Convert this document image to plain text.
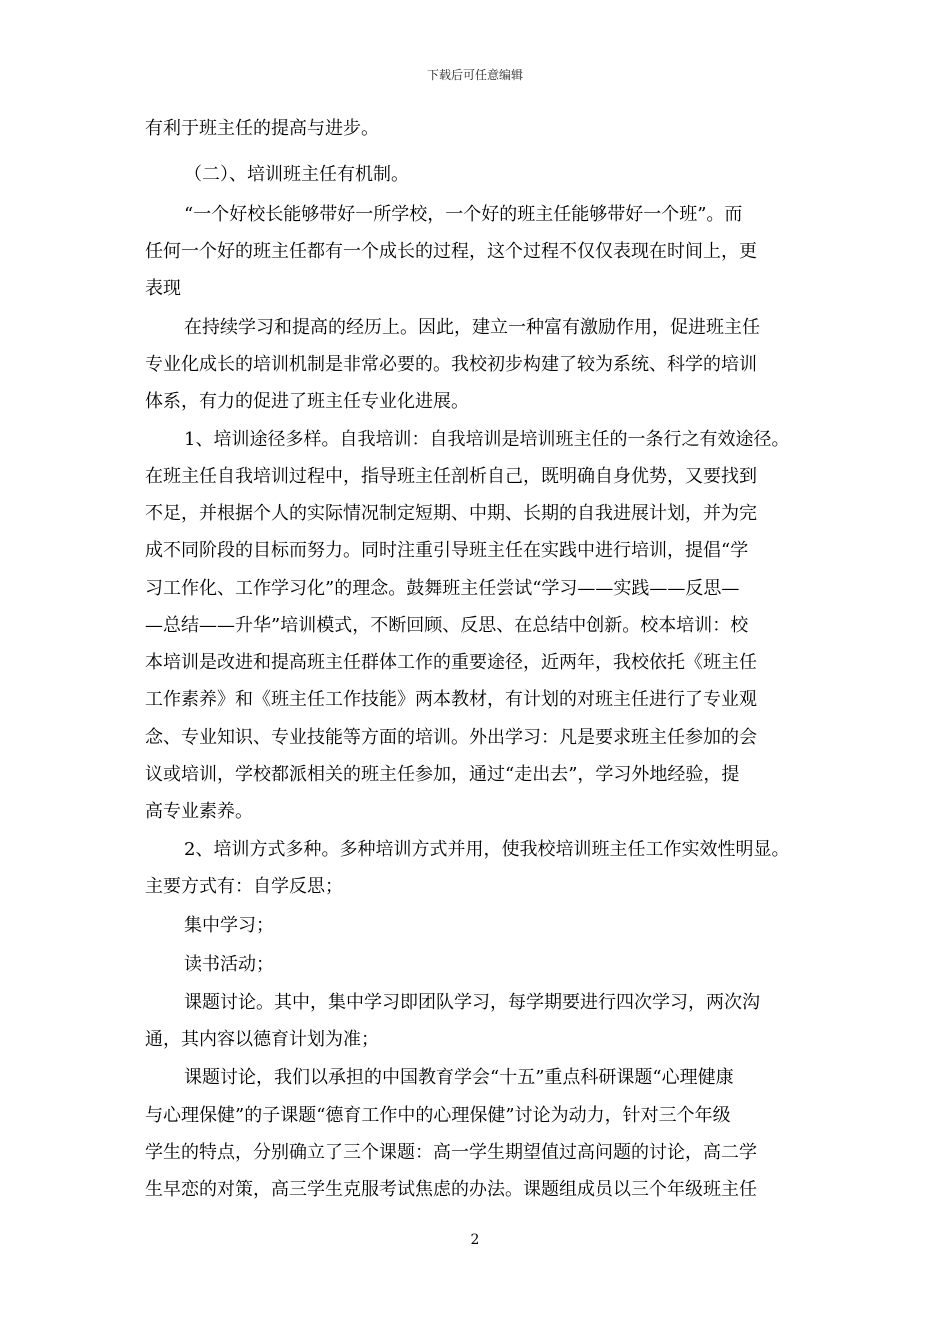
下载后可任意编辑
有利于班主任的提高与进步。
（二）、培训班主任有机制。
“一个好校长能够带好一所学校，一个好的班主任能够带好一个班”。而
任何一个好的班主任都有一个成长的过程，这个过程不仅仅表现在时间上，更
表现
在持续学习和提高的经历上。因此，建立一种富有激励作用，促进班主任
专业化成长的培训机制是非常必要的。我校初步构建了较为系统、科学的培训
体系，有力的促进了班主任专业化进展。
1、培训途径多样。自我培训：自我培训是培训班主任的一条行之有效途径。
在班主任自我培训过程中，指导班主任剖析自己，既明确自身优势，又要找到
不足，并根据个人的实际情况制定短期、中期、长期的自我进展计划，并为完
成不同阶段的目标而努力。同时注重引导班主任在实践中进行培训，提倡“学
习工作化、工作学习化”的理念。鼓舞班主任尝试“学习——实践——反思—
—总结——升华”培训模式，不断回顾、反思、在总结中创新。校本培训：校
本培训是改进和提高班主任群体工作的重要途径，近两年，我校依托《班主任
工作素养》和《班主任工作技能》两本教材，有计划的对班主任进行了专业观
念、专业知识、专业技能等方面的培训。外出学习：凡是要求班主任参加的会
议或培训，学校都派相关的班主任参加，通过“走出去”，学习外地经验，提
高专业素养。
2、培训方式多种。多种培训方式并用，使我校培训班主任工作实效性明显。
主要方式有：自学反思；
集中学习；
读书活动；
课题讨论。其中，集中学习即团队学习，每学期要进行四次学习，两次沟
通，其内容以德育计划为准；
课题讨论，我们以承担的中国教育学会“十五”重点科研课题“心理健康
与心理保健”的子课题“德育工作中的心理保健”讨论为动力，针对三个年级
学生的特点，分别确立了三个课题：高一学生期望值过高问题的讨论，高二学
生早恋的对策，高三学生克服考试焦虑的办法。课题组成员以三个年级班主任
2
